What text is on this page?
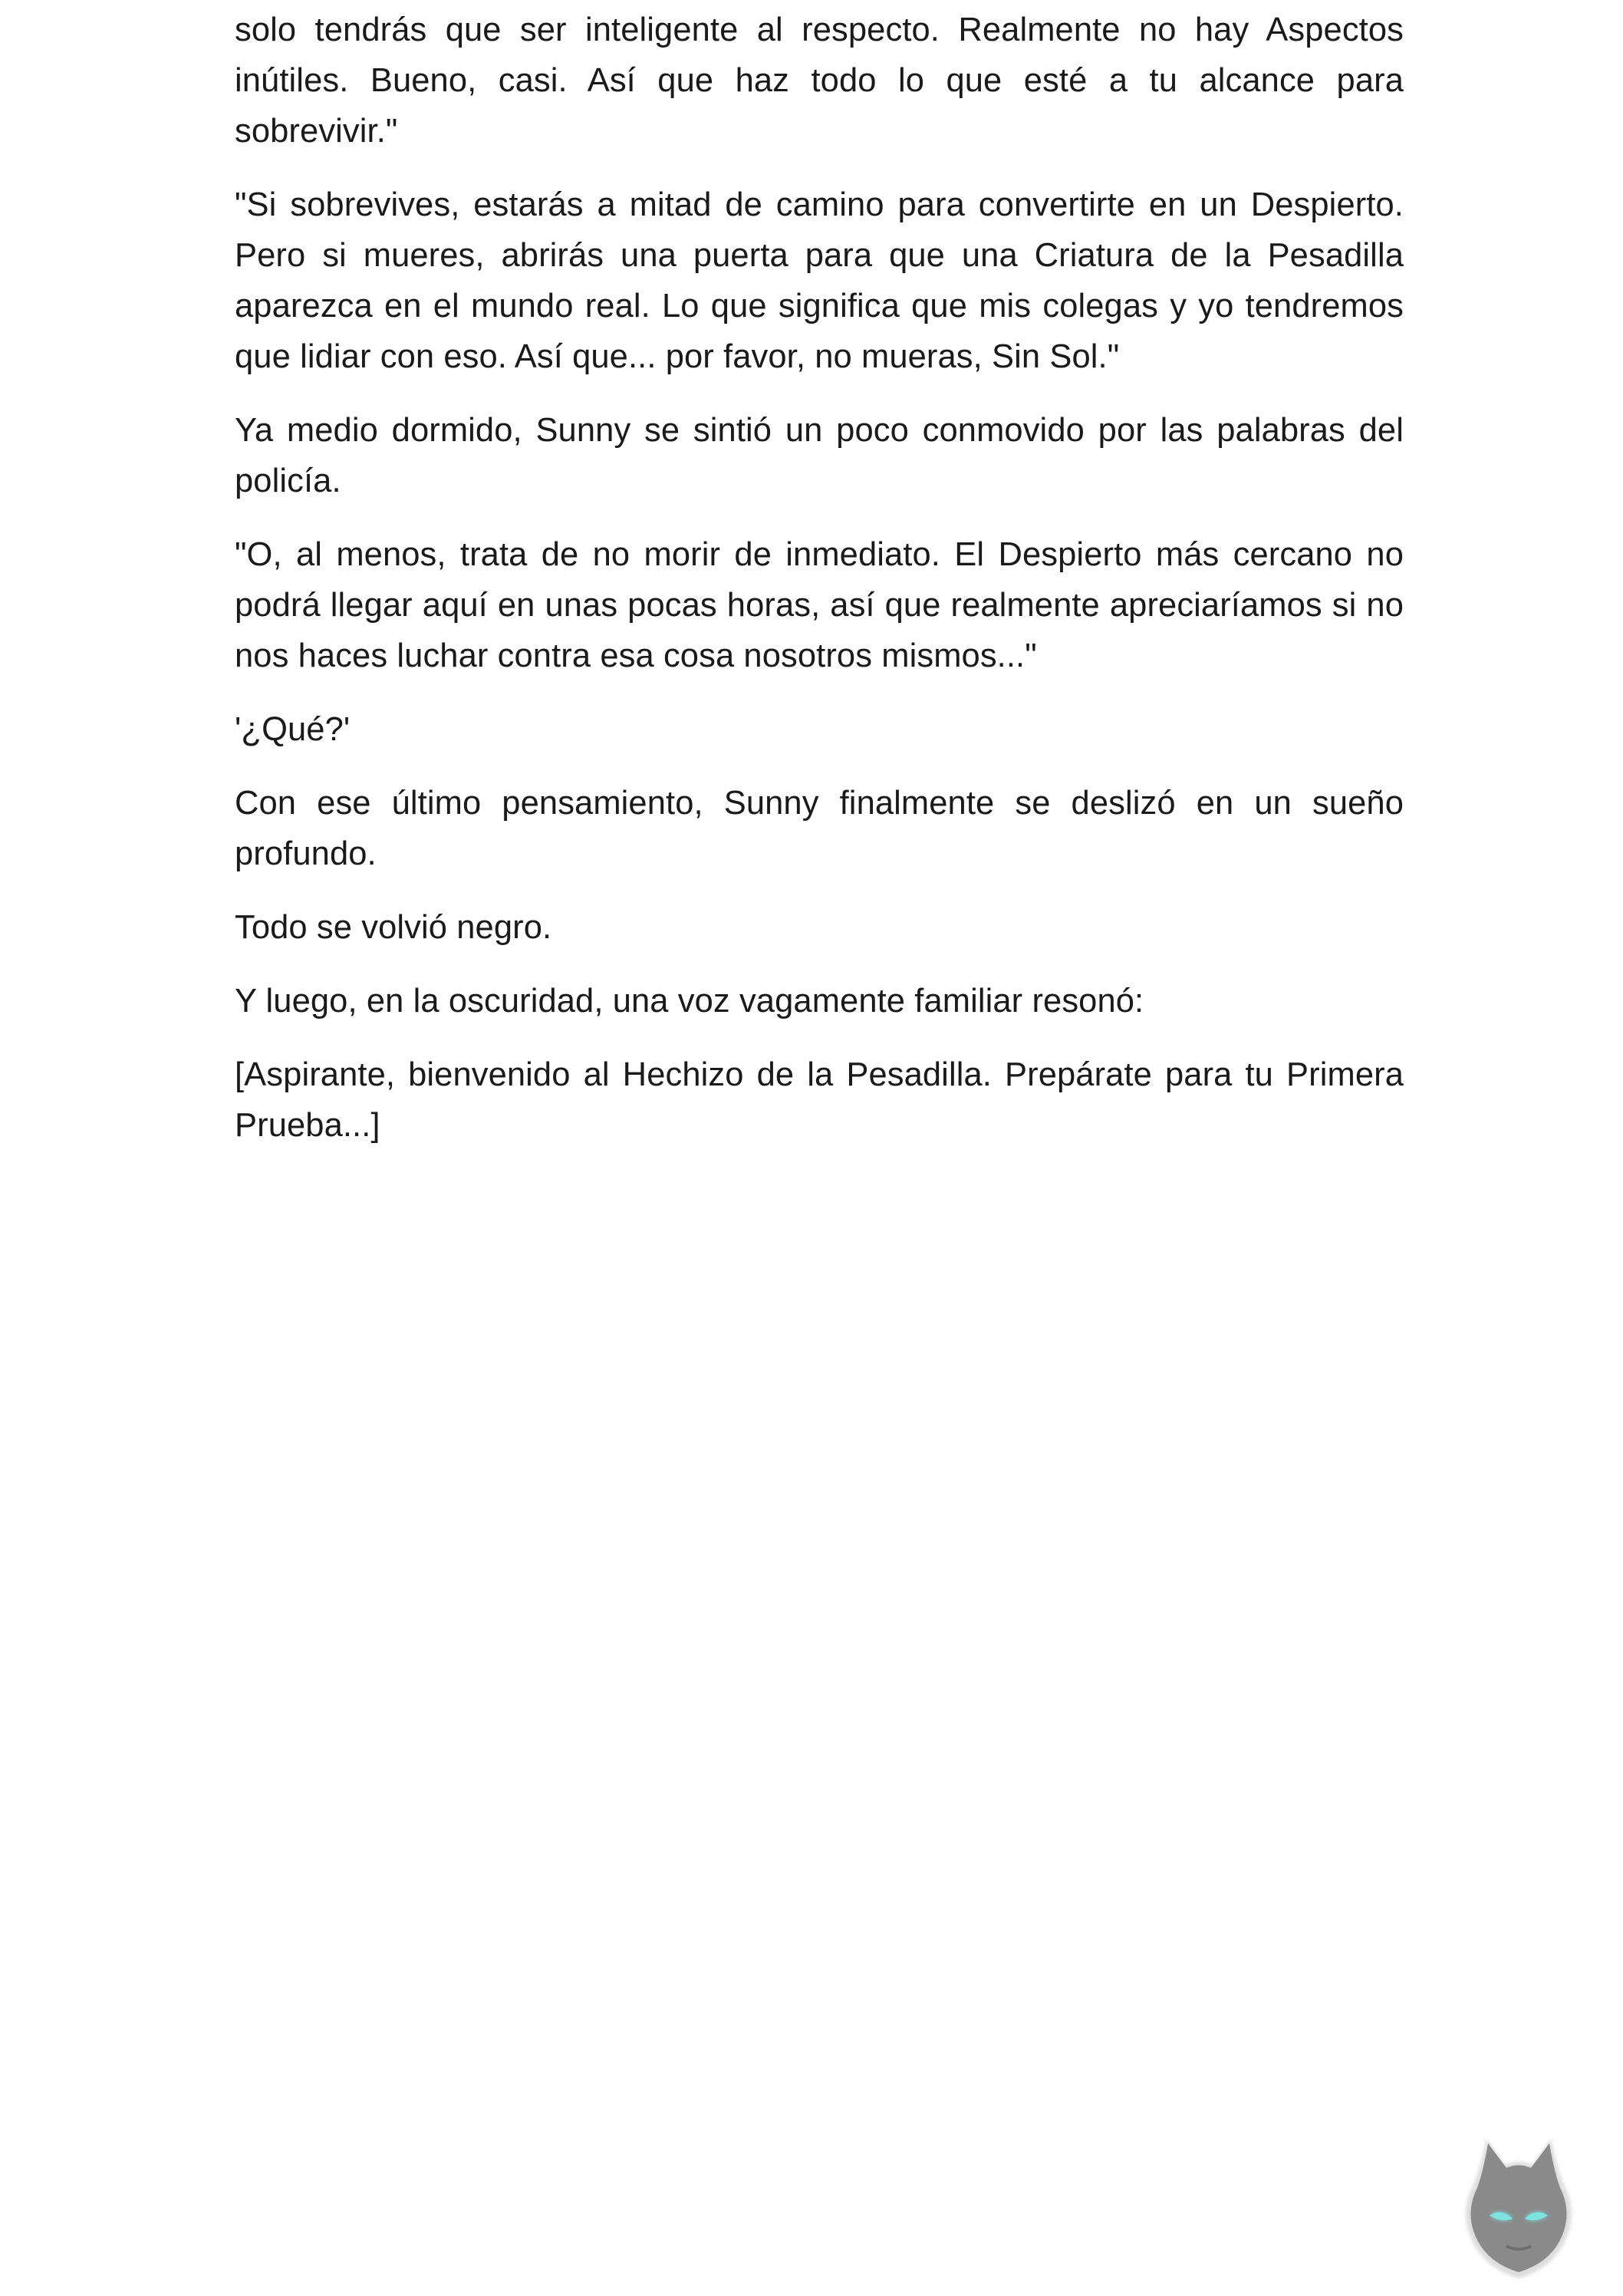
solo tendrás que ser inteligente al respecto. Realmente no hay Aspectos inútiles. Bueno, casi. Así que haz todo lo que esté a tu alcance para sobrevivir."

"Si sobrevives, estarás a mitad de camino para convertirte en un Despierto. Pero si mueres, abrirás una puerta para que una Criatura de la Pesadilla aparezca en el mundo real. Lo que significa que mis colegas y yo tendremos que lidiar con eso. Así que... por favor, no mueras, Sin Sol."

Ya medio dormido, Sunny se sintió un poco conmovido por las palabras del policía.

"O, al menos, trata de no morir de inmediato. El Despierto más cercano no podrá llegar aquí en unas pocas horas, así que realmente apreciaríamos si no nos haces luchar contra esa cosa nosotros mismos..."

'¿Qué?'

Con ese último pensamiento, Sunny finalmente se deslizó en un sueño profundo.

Todo se volvió negro.

Y luego, en la oscuridad, una voz vagamente familiar resonó:

[Aspirante, bienvenido al Hechizo de la Pesadilla. Prepárate para tu Primera Prueba...]
